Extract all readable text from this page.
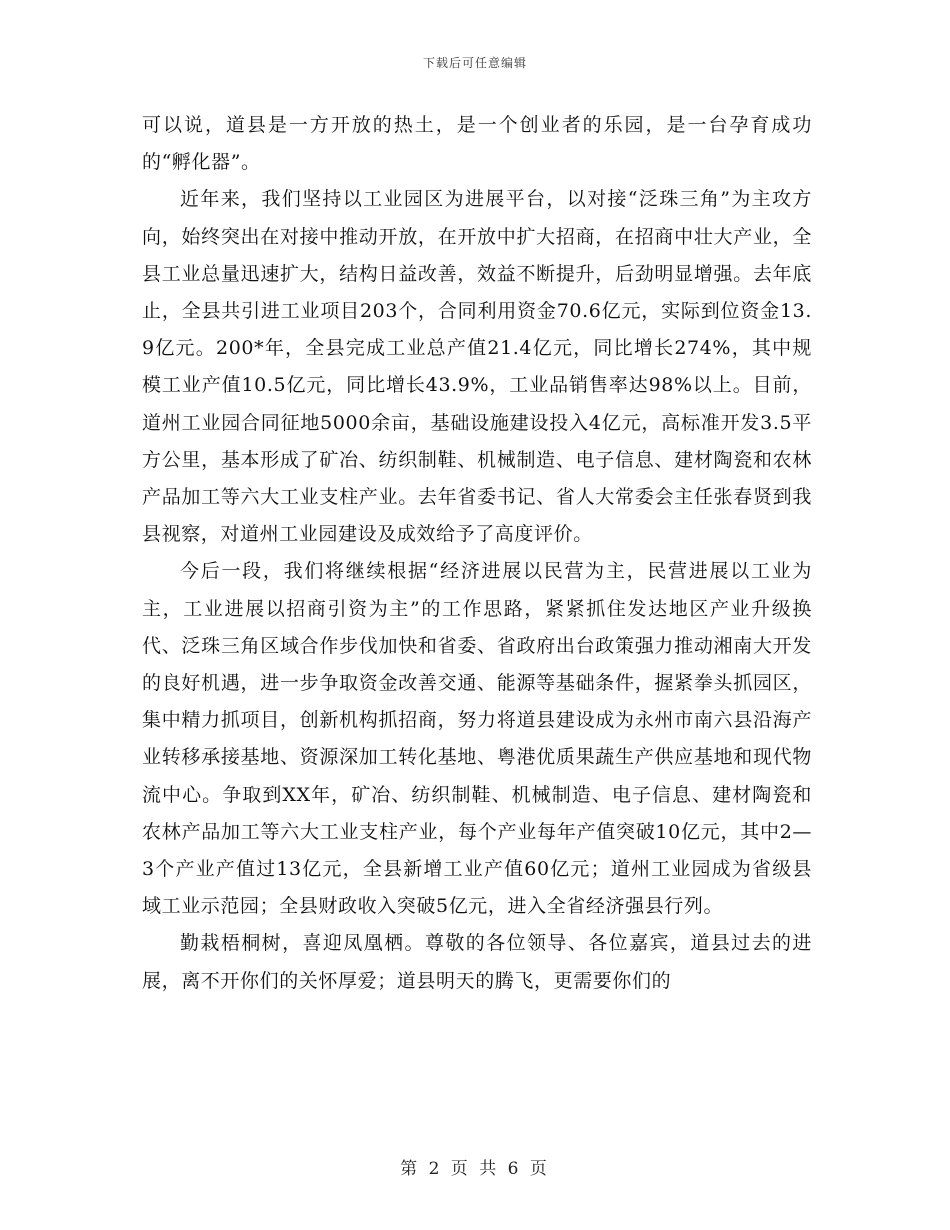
下载后可任意编辑

可以说，道县是一方开放的热土，是一个创业者的乐园，是一台孕育成功的“孵化器”。

近年来，我们坚持以工业园区为进展平台，以对接“泛珠三角”为主攻方向，始终突出在对接中推动开放，在开放中扩大招商，在招商中壮大产业，全县工业总量迅速扩大，结构日益改善，效益不断提升，后劲明显增强。去年底止，全县共引进工业项目203个，合同利用资金70.6亿元，实际到位资金13.9亿元。200*年，全县完成工业总产值21.4亿元，同比增长274%，其中规模工业产值10.5亿元，同比增长43.9%，工业品销售率达98%以上。目前，道州工业园合同征地5000余亩，基础设施建设投入4亿元，高标准开发3.5平方公里，基本形成了矿冶、纺织制鞋、机械制造、电子信息、建材陶瓷和农林产品加工等六大工业支柱产业。去年省委书记、省人大常委会主任张春贤到我县视察，对道州工业园建设及成效给予了高度评价。

今后一段，我们将继续根据“经济进展以民营为主，民营进展以工业为主，工业进展以招商引资为主”的工作思路，紧紧抓住发达地区产业升级换代、泛珠三角区域合作步伐加快和省委、省政府出台政策强力推动湘南大开发的良好机遇，进一步争取资金改善交通、能源等基础条件，握紧拳头抓园区，集中精力抓项目，创新机构抓招商，努力将道县建设成为永州市南六县沿海产业转移承接基地、资源深加工转化基地、粤港优质果蔬生产供应基地和现代物流中心。争取到XX年，矿冶、纺织制鞋、机械制造、电子信息、建材陶瓷和农林产品加工等六大工业支柱产业，每个产业每年产值突破10亿元，其中2—3个产业产值过13亿元，全县新增工业产值60亿元；道州工业园成为省级县域工业示范园；全县财政收入突破5亿元，进入全省经济强县行列。

勤栽梧桐树，喜迎凤凰栖。尊敬的各位领导、各位嘉宾，道县过去的进展，离不开你们的关怀厚爱；道县明天的腾飞，更需要你们的

第 2 页 共 6 页
